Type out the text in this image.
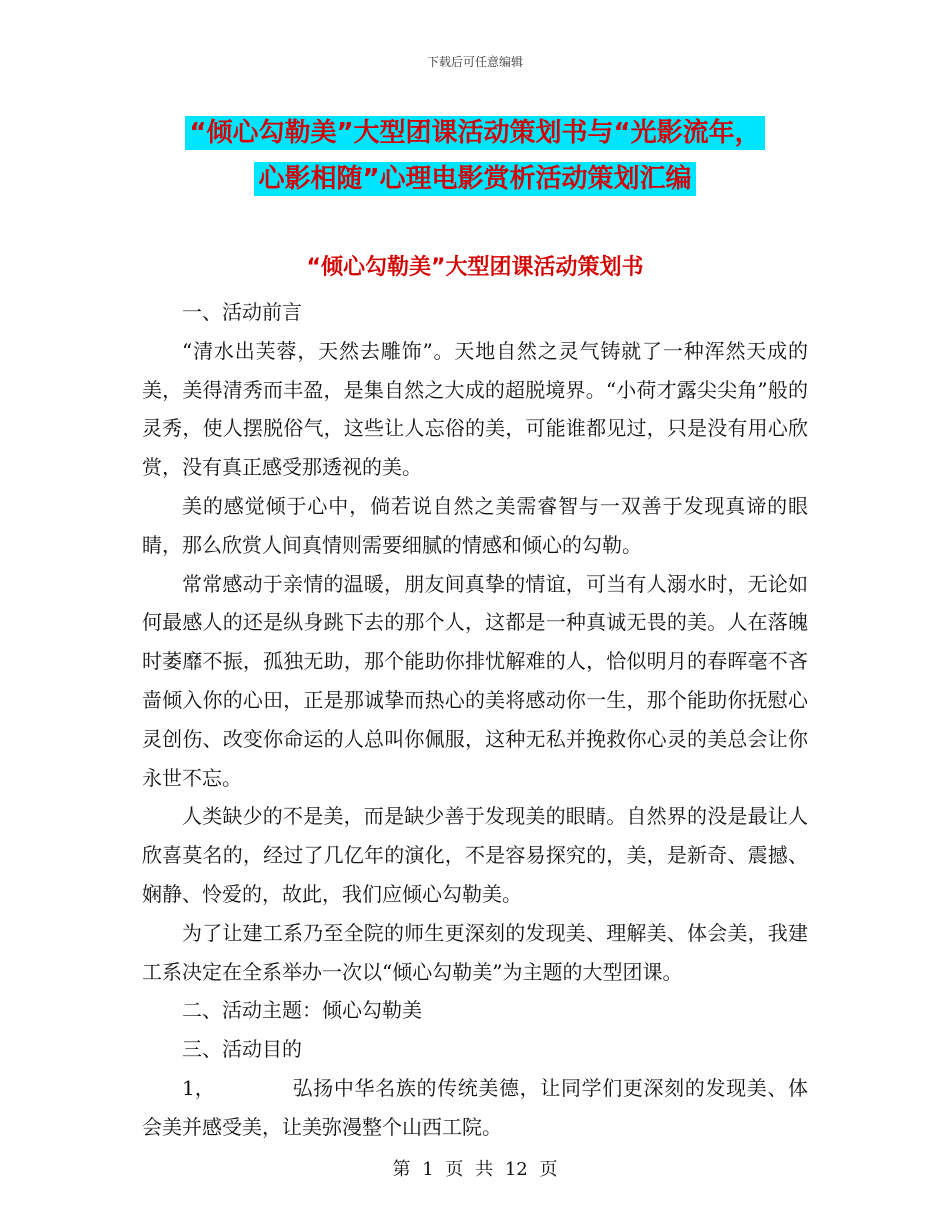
下载后可任意编辑
“倾心勾勒美”大型团课活动策划书与“光影流年，
心影相随”心理电影赏析活动策划汇编
“倾心勾勒美”大型团课活动策划书

一、活动前言

“清水出芙蓉，天然去雕饰”。天地自然之灵气铸就了一种浑然天成的美，美得清秀而丰盈，是集自然之大成的超脱境界。“小荷才露尖尖角”般的灵秀，使人摆脱俗气，这些让人忘俗的美，可能谁都见过，只是没有用心欣赏，没有真正感受那透视的美。

美的感觉倾于心中，倘若说自然之美需睿智与一双善于发现真谛的眼睛，那么欣赏人间真情则需要细腻的情感和倾心的勾勒。

常常感动于亲情的温暖，朋友间真挚的情谊，可当有人溺水时，无论如何最感人的还是纵身跳下去的那个人，这都是一种真诚无畏的美。人在落魄时萎靡不振，孤独无助，那个能助你排忧解难的人，恰似明月的春晖毫不吝啬倾入你的心田，正是那诚挚而热心的美将感动你一生，那个能助你抚慰心灵创伤、改变你命运的人总叫你佩服，这种无私并挽救你心灵的美总会让你永世不忘。

人类缺少的不是美，而是缺少善于发现美的眼睛。自然界的没是最让人欣喜莫名的，经过了几亿年的演化，不是容易探究的，美，是新奇、震撼、娴静、怜爱的，故此，我们应倾心勾勒美。

为了让建工系乃至全院的师生更深刻的发现美、理解美、体会美，我建工系决定在全系举办一次以“倾心勾勒美”为主题的大型团课。

二、活动主题：倾心勾勒美

三、活动目的

1，	弘扬中华名族的传统美德，让同学们更深刻的发现美、体会美并感受美，让美弥漫整个山西工院。

第 1 页 共 12 页
